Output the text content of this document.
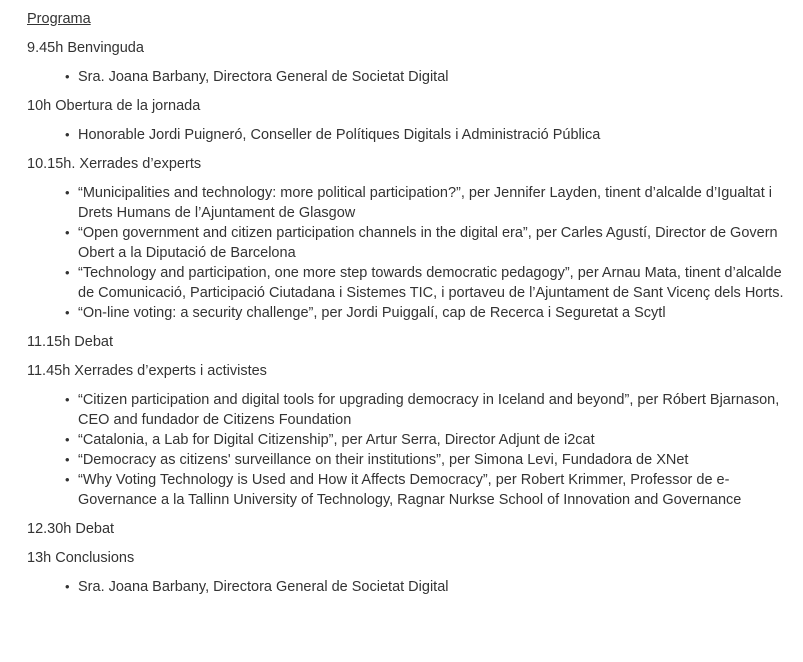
Programa
9.45h Benvinguda
• Sra. Joana Barbany, Directora General de Societat Digital
10h Obertura de la jornada
• Honorable Jordi Puigneró, Conseller de Polítiques Digitals i Administració Pública
10.15h. Xerrades d’experts
• “Municipalities and technology: more political participation?”, per Jennifer Layden, tinent d’alcalde d’Igualtat i Drets Humans de l’Ajuntament de Glasgow
• “Open government and citizen participation channels in the digital era”, per Carles Agustí, Director de Govern Obert a la Diputació de Barcelona
• “Technology and participation, one more step towards democratic pedagogy”, per Arnau Mata, tinent d’alcalde de Comunicació, Participació Ciutadana i Sistemes TIC, i portaveu de l’Ajuntament de Sant Vicenç dels Horts.
• “On-line voting: a security challenge”, per Jordi Puiggalí, cap de Recerca i Seguretat a Scytl
11.15h Debat
11.45h Xerrades d’experts i activistes
• “Citizen participation and digital tools for upgrading democracy in Iceland and beyond”, per Róbert Bjarnason, CEO and fundador de Citizens Foundation
• “Catalonia, a Lab for Digital Citizenship”, per Artur Serra, Director Adjunt de i2cat
• “Democracy as citizens' surveillance on their institutions”, per Simona Levi, Fundadora de XNet
• “Why Voting Technology is Used and How it Affects Democracy”, per Robert Krimmer, Professor de e-Governance a la Tallinn University of Technology, Ragnar Nurkse School of Innovation and Governance
12.30h Debat
13h Conclusions
• Sra. Joana Barbany, Directora General de Societat Digital
